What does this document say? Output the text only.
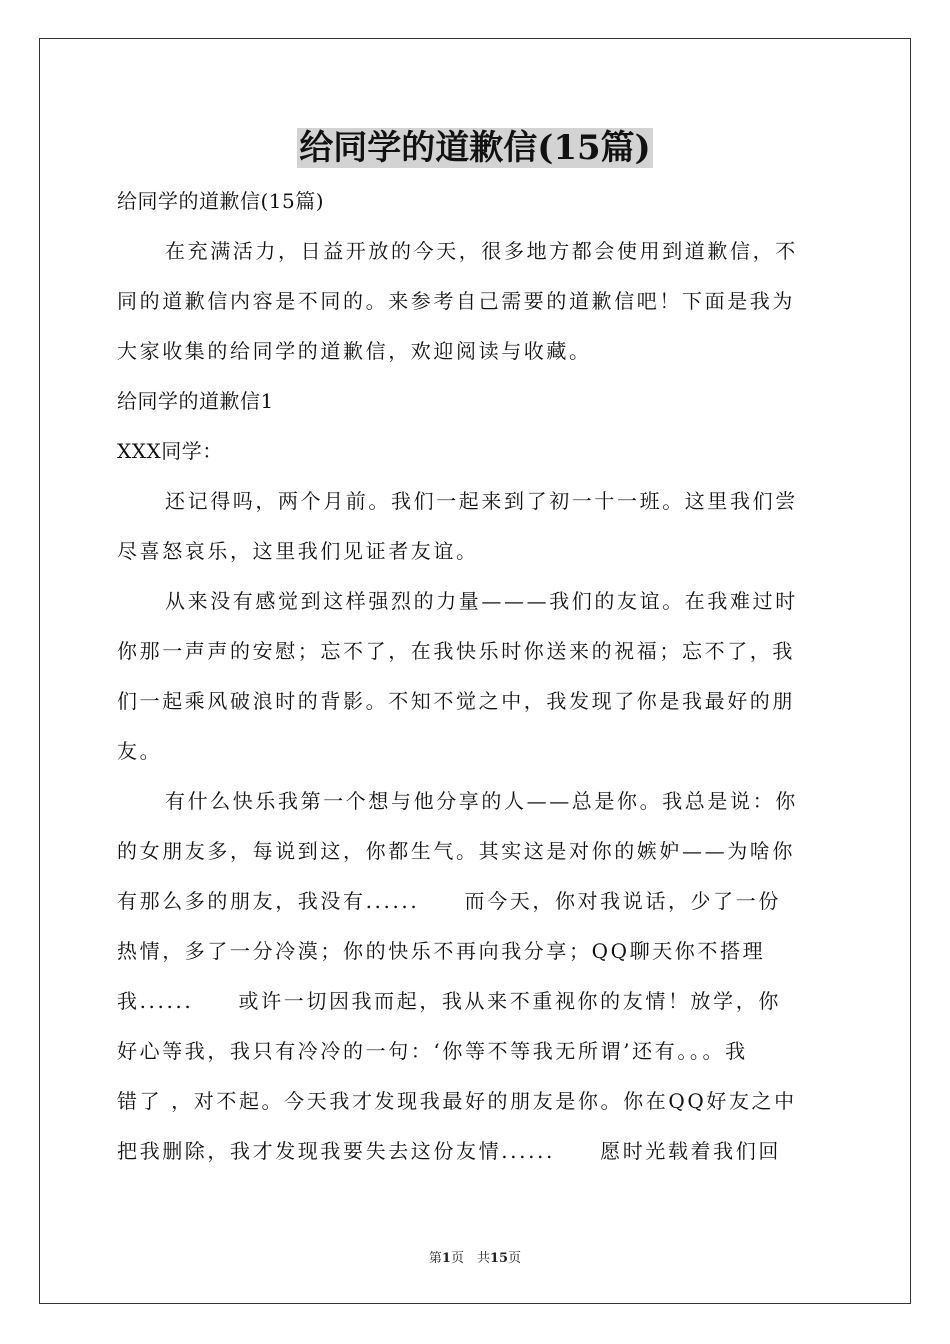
给同学的道歉信(15篇)
给同学的道歉信(15篇)
在充满活力，日益开放的今天，很多地方都会使用到道歉信，不
同的道歉信内容是不同的。来参考自己需要的道歉信吧！下面是我为
大家收集的给同学的道歉信，欢迎阅读与收藏。
给同学的道歉信1
XXX同学：
还记得吗，两个月前。我们一起来到了初一十一班。这里我们尝
尽喜怒哀乐，这里我们见证者友谊。
从来没有感觉到这样强烈的力量———我们的友谊。在我难过时
你那一声声的安慰；忘不了，在我快乐时你送来的祝福；忘不了，我
们一起乘风破浪时的背影。不知不觉之中，我发现了你是我最好的朋
友。
有什么快乐我第一个想与他分享的人——总是你。我总是说：你
的女朋友多，每说到这，你都生气。其实这是对你的嫉妒——为啥你
有那么多的朋友，我没有......　　而今天，你对我说话，少了一份
热情，多了一分冷漠；你的快乐不再向我分享；QQ聊天你不搭理
我......　　或许一切因我而起，我从来不重视你的友情！放学，你
好心等我，我只有冷冷的一句：‘你等不等我无所谓’还有。。。我
错了 ，对不起。今天我才发现我最好的朋友是你。你在QQ好友之中
把我删除，我才发现我要失去这份友情......　　愿时光载着我们回
第1页　共15页
